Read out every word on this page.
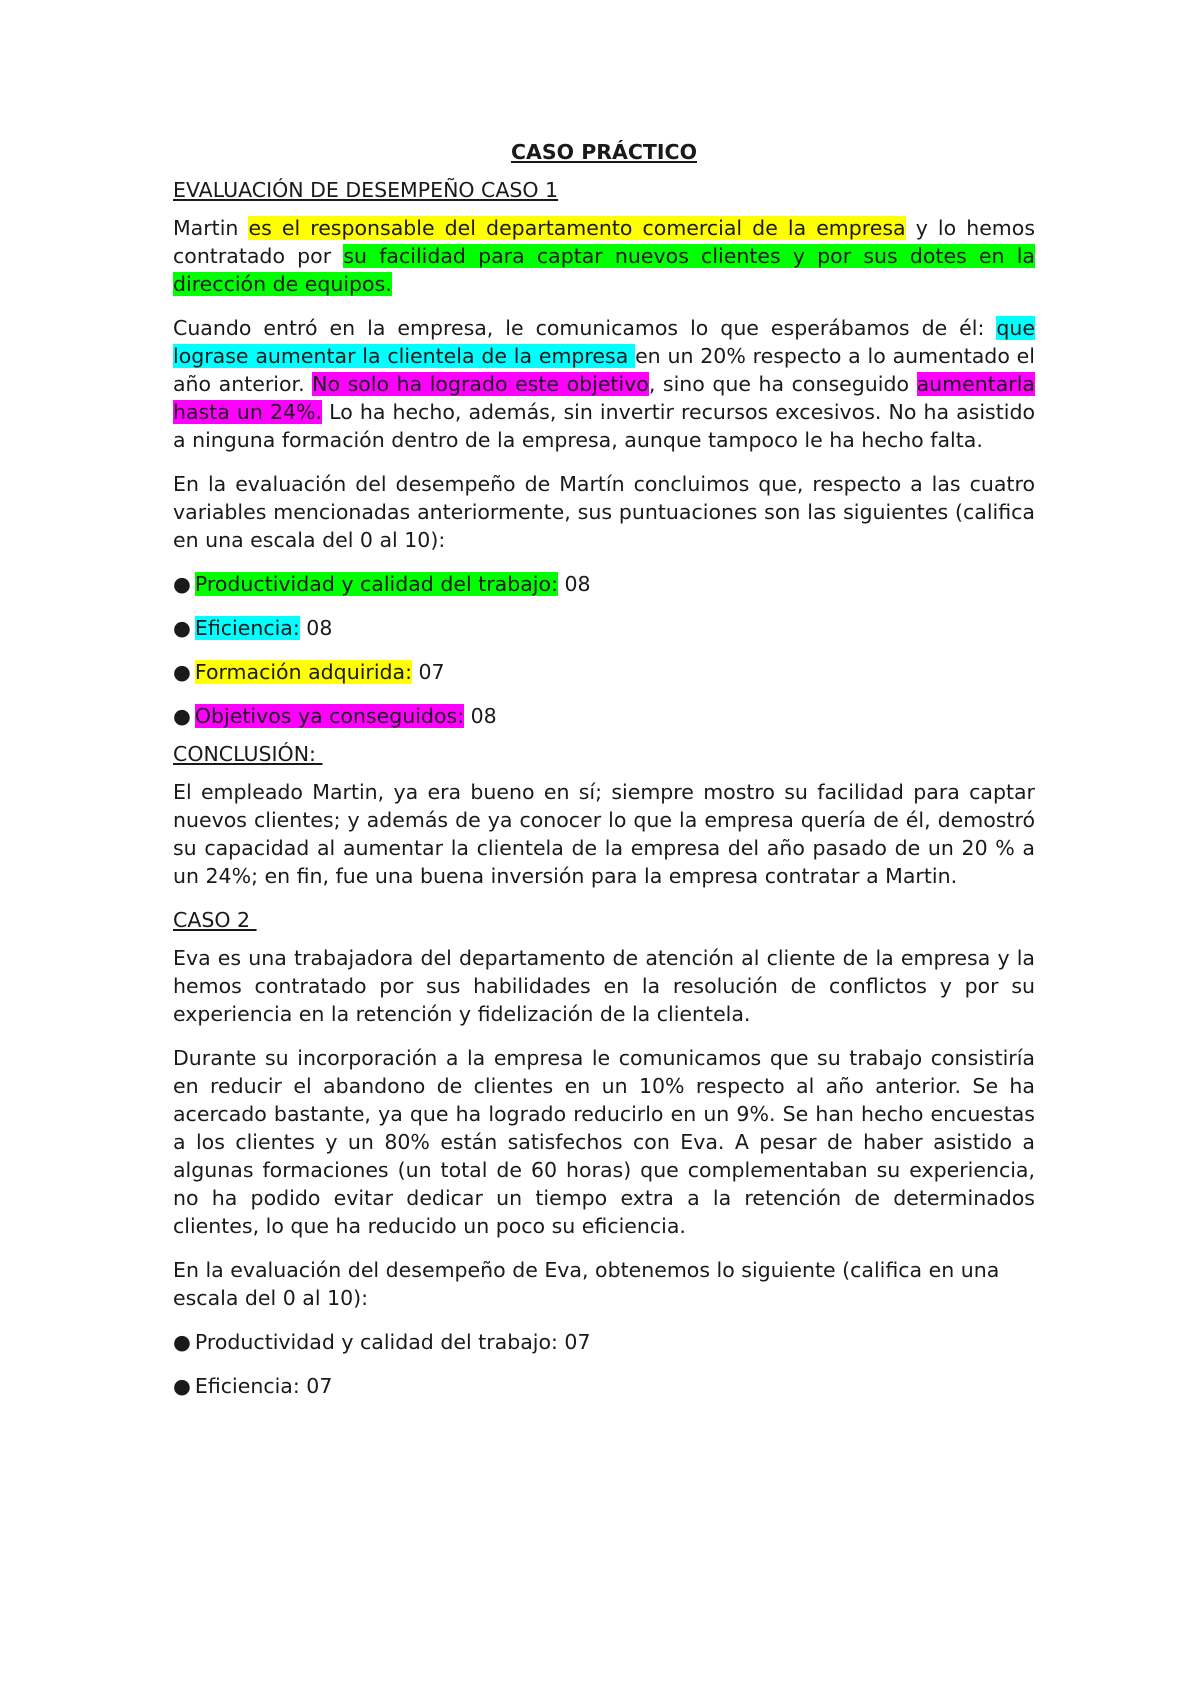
CASO PRÁCTICO
EVALUACIÓN DE DESEMPEÑO CASO 1

Martin es el responsable del departamento comercial de la empresa y lo hemos contratado por su facilidad para captar nuevos clientes y por sus dotes en la dirección de equipos.

Cuando entró en la empresa, le comunicamos lo que esperábamos de él: que lograse aumentar la clientela de la empresa en un 20% respecto a lo aumentado el año anterior. No solo ha logrado este objetivo, sino que ha conseguido aumentarla hasta un 24%. Lo ha hecho, además, sin invertir recursos excesivos. No ha asistido a ninguna formación dentro de la empresa, aunque tampoco le ha hecho falta.

En la evaluación del desempeño de Martín concluimos que, respecto a las cuatro variables mencionadas anteriormente, sus puntuaciones son las siguientes (califica en una escala del 0 al 10):

● Productividad y calidad del trabajo: 08
● Eficiencia: 08
● Formación adquirida: 07
● Objetivos ya conseguidos: 08
CONCLUSIÓN:

El empleado Martin, ya era bueno en sí; siempre mostro su facilidad para captar nuevos clientes; y además de ya conocer lo que la empresa quería de él, demostró su capacidad al aumentar la clientela de la empresa del año pasado de un 20 % a un 24%; en fin, fue una buena inversión para la empresa contratar a Martin.

CASO 2

Eva es una trabajadora del departamento de atención al cliente de la empresa y la hemos contratado por sus habilidades en la resolución de conflictos y por su experiencia en la retención y fidelización de la clientela.

Durante su incorporación a la empresa le comunicamos que su trabajo consistiría en reducir el abandono de clientes en un 10% respecto al año anterior. Se ha acercado bastante, ya que ha logrado reducirlo en un 9%. Se han hecho encuestas a los clientes y un 80% están satisfechos con Eva. A pesar de haber asistido a algunas formaciones (un total de 60 horas) que complementaban su experiencia, no ha podido evitar dedicar un tiempo extra a la retención de determinados clientes, lo que ha reducido un poco su eficiencia.

En la evaluación del desempeño de Eva, obtenemos lo siguiente (califica en una escala del 0 al 10):

● Productividad y calidad del trabajo: 07
● Eficiencia: 07
